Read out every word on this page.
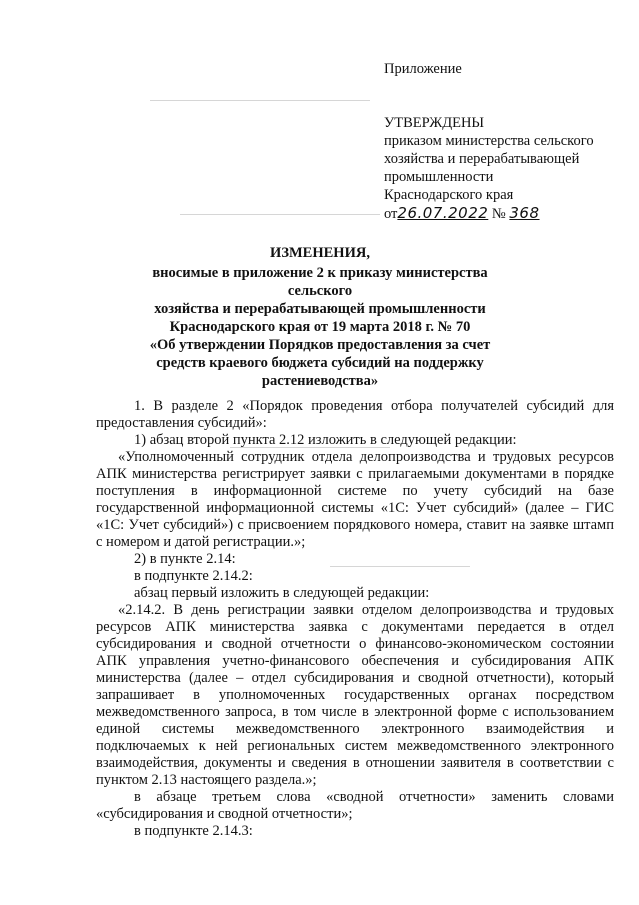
Приложение
УТВЕРЖДЕНЫ
приказом министерства сельского
хозяйства и перерабатывающей
промышленности
Краснодарского края
от26.07.2022 № 368
ИЗМЕНЕНИЯ,
вносимые в приложение 2 к приказу министерства сельского
хозяйства и перерабатывающей промышленности
Краснодарского края от 19 марта 2018 г. № 70
«Об утверждении Порядков предоставления за счет
средств краевого бюджета субсидий на поддержку
растениеводства»

1. В разделе 2 «Порядок проведения отбора получателей субсидий для предоставления субсидий»:

1) абзац второй пункта 2.12 изложить в следующей редакции:

«Уполномоченный сотрудник отдела делопроизводства и трудовых ресурсов АПК министерства регистрирует заявки с прилагаемыми документами в порядке поступления в информационной системе по учету субсидий на базе государственной информационной системы «1С: Учет субсидий» (далее – ГИС «1С: Учет субсидий») с присвоением порядкового номера, ставит на заявке штамп с номером и датой регистрации.»;

2) в пункте 2.14:

в подпункте 2.14.2:

абзац первый изложить в следующей редакции:

«2.14.2. В день регистрации заявки отделом делопроизводства и трудовых ресурсов АПК министерства заявка с документами передается в отдел субсидирования и сводной отчетности о финансово-экономическом состоянии АПК управления учетно-финансового обеспечения и субсидирования АПК министерства (далее – отдел субсидирования и сводной отчетности), который запрашивает в уполномоченных государственных органах посредством межведомственного запроса, в том числе в электронной форме с использованием единой системы межведомственного электронного взаимодействия и подключаемых к ней региональных систем межведомственного электронного взаимодействия, документы и сведения в отношении заявителя в соответствии с пунктом 2.13 настоящего раздела.»;

в абзаце третьем слова «сводной отчетности» заменить словами «субсидирования и сводной отчетности»;

в подпункте 2.14.3:
